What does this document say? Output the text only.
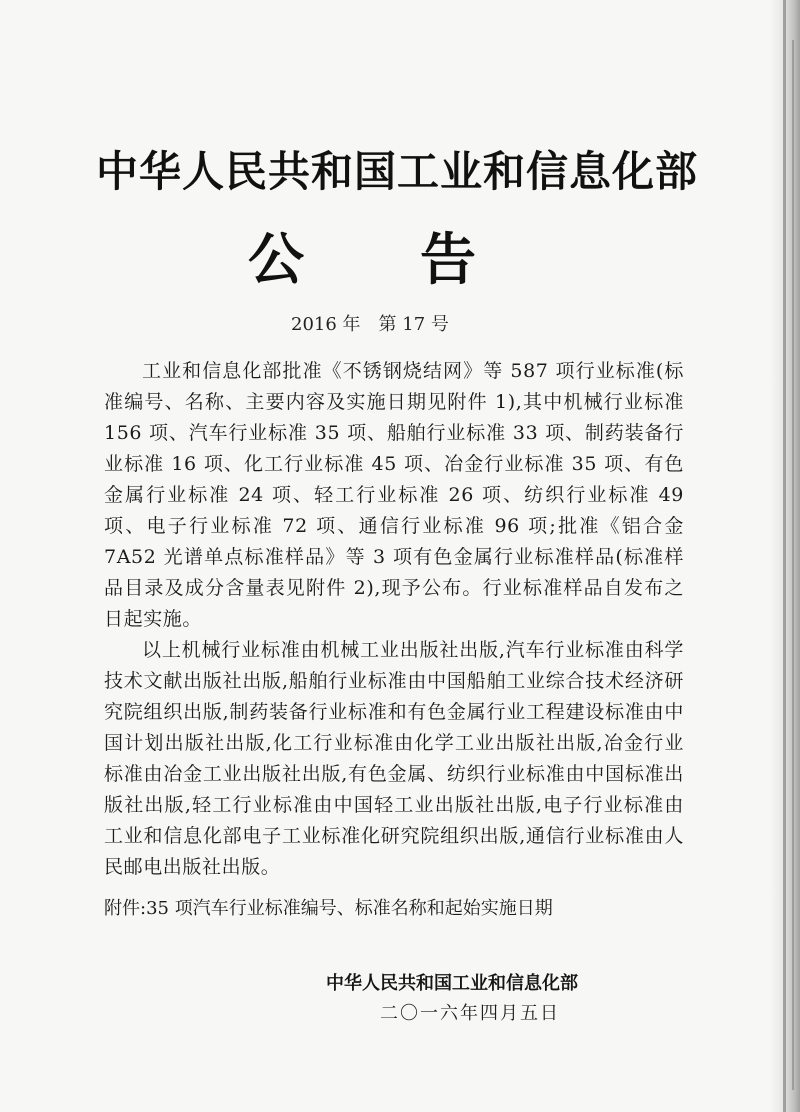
中华人民共和国工业和信息化部
公 告
2016 年 第 17 号

工业和信息化部批准《不锈钢烧结网》等 587 项行业标准(标准编号、名称、主要内容及实施日期见附件 1),其中机械行业标准 156 项、汽车行业标准 35 项、船舶行业标准 33 项、制药装备行业标准 16 项、化工行业标准 45 项、冶金行业标准 35 项、有色金属行业标准 24 项、轻工行业标准 26 项、纺织行业标准 49 项、电子行业标准 72 项、通信行业标准 96 项;批准《铝合金 7A52 光谱单点标准样品》等 3 项有色金属行业标准样品(标准样品目录及成分含量表见附件 2),现予公布。行业标准样品自发布之日起实施。

以上机械行业标准由机械工业出版社出版,汽车行业标准由科学技术文献出版社出版,船舶行业标准由中国船舶工业综合技术经济研究院组织出版,制药装备行业标准和有色金属行业工程建设标准由中国计划出版社出版,化工行业标准由化学工业出版社出版,冶金行业标准由冶金工业出版社出版,有色金属、纺织行业标准由中国标准出版社出版,轻工行业标准由中国轻工业出版社出版,电子行业标准由工业和信息化部电子工业标准化研究院组织出版,通信行业标准由人民邮电出版社出版。

附件:35 项汽车行业标准编号、标准名称和起始实施日期
中华人民共和国工业和信息化部
二〇一六年四月五日
